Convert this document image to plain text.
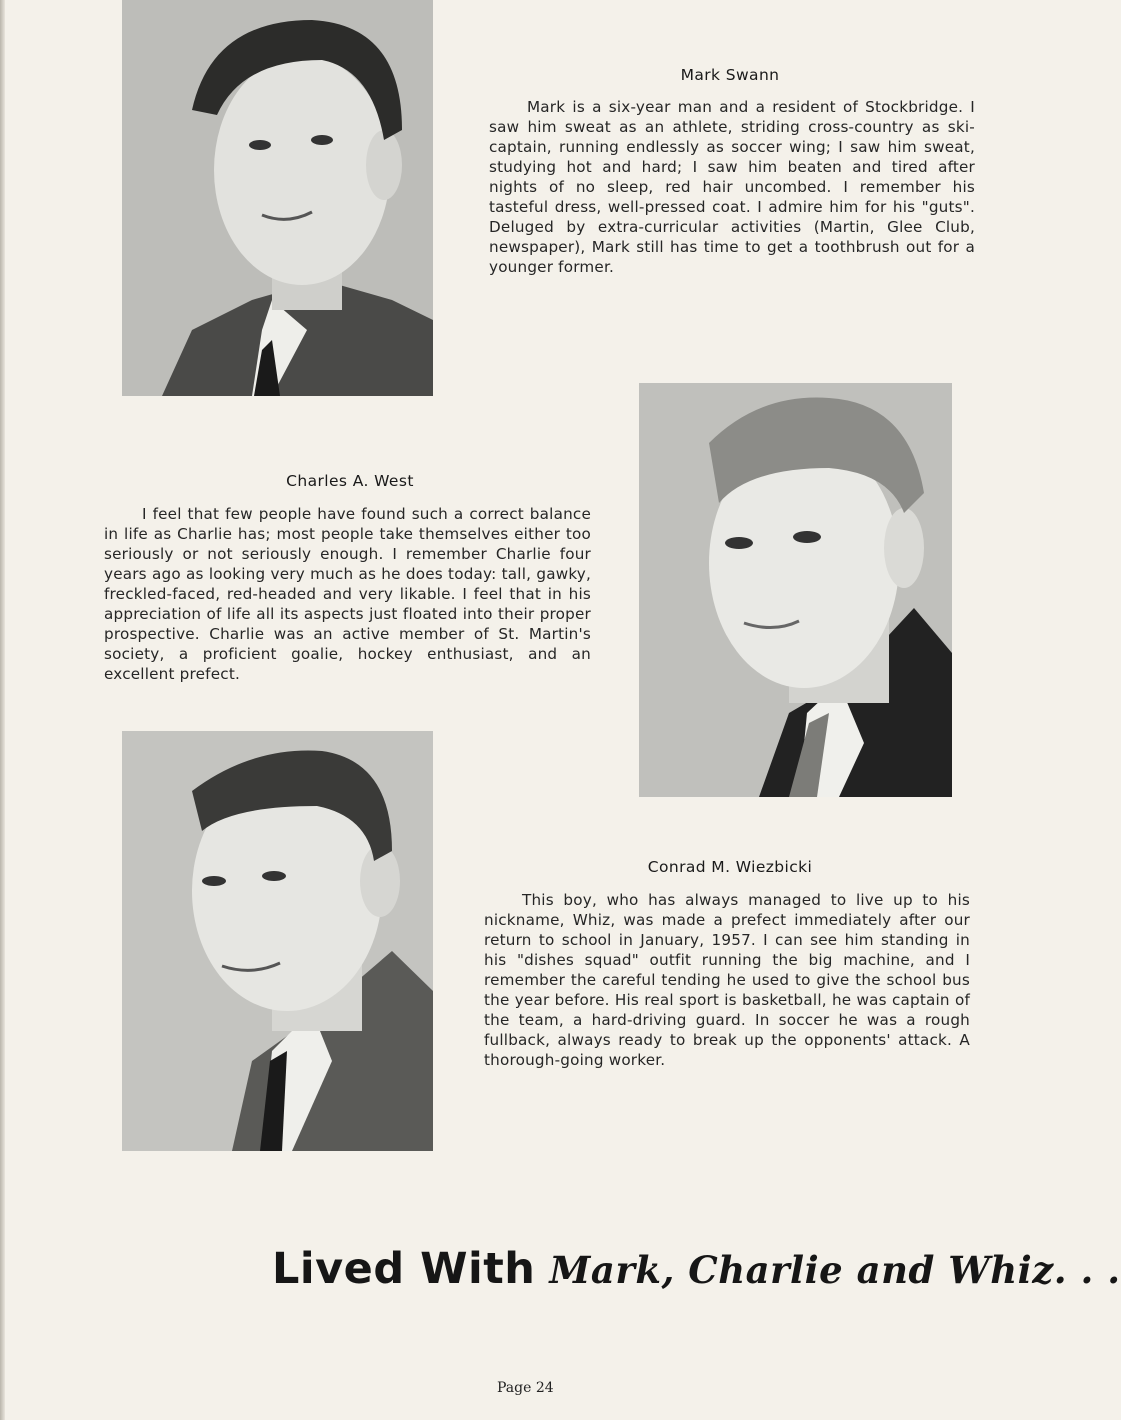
Mark Swann

Mark is a six-year man and a resident of Stockbridge. I saw him sweat as an athlete, striding cross-country as ski-captain, running endlessly as soccer wing; I saw him sweat, studying hot and hard; I saw him beaten and tired after nights of no sleep, red hair uncombed. I remember his tasteful dress, well-pressed coat. I admire him for his "guts". Deluged by extra-curricular activities (Martin, Glee Club, newspaper), Mark still has time to get a toothbrush out for a younger former.

Charles A. West

I feel that few people have found such a correct balance in life as Charlie has; most people take themselves either too seriously or not seriously enough. I remember Charlie four years ago as looking very much as he does today: tall, gawky, freckled-faced, red-headed and very likable. I feel that in his appreciation of life all its aspects just floated into their proper prospective. Charlie was an active member of St. Martin's society, a proficient goalie, hockey enthusiast, and an excellent prefect.

Conrad M. Wiezbicki

This boy, who has always managed to live up to his nickname, Whiz, was made a prefect immediately after our return to school in January, 1957. I can see him standing in his "dishes squad" outfit running the big machine, and I remember the careful tending he used to give the school bus the year before. His real sport is basketball, he was captain of the team, a hard-driving guard. In soccer he was a rough fullback, always ready to break up the opponents' attack. A thorough-going worker.

Lived With Mark, Charlie and Whiz. . .
Page 24
